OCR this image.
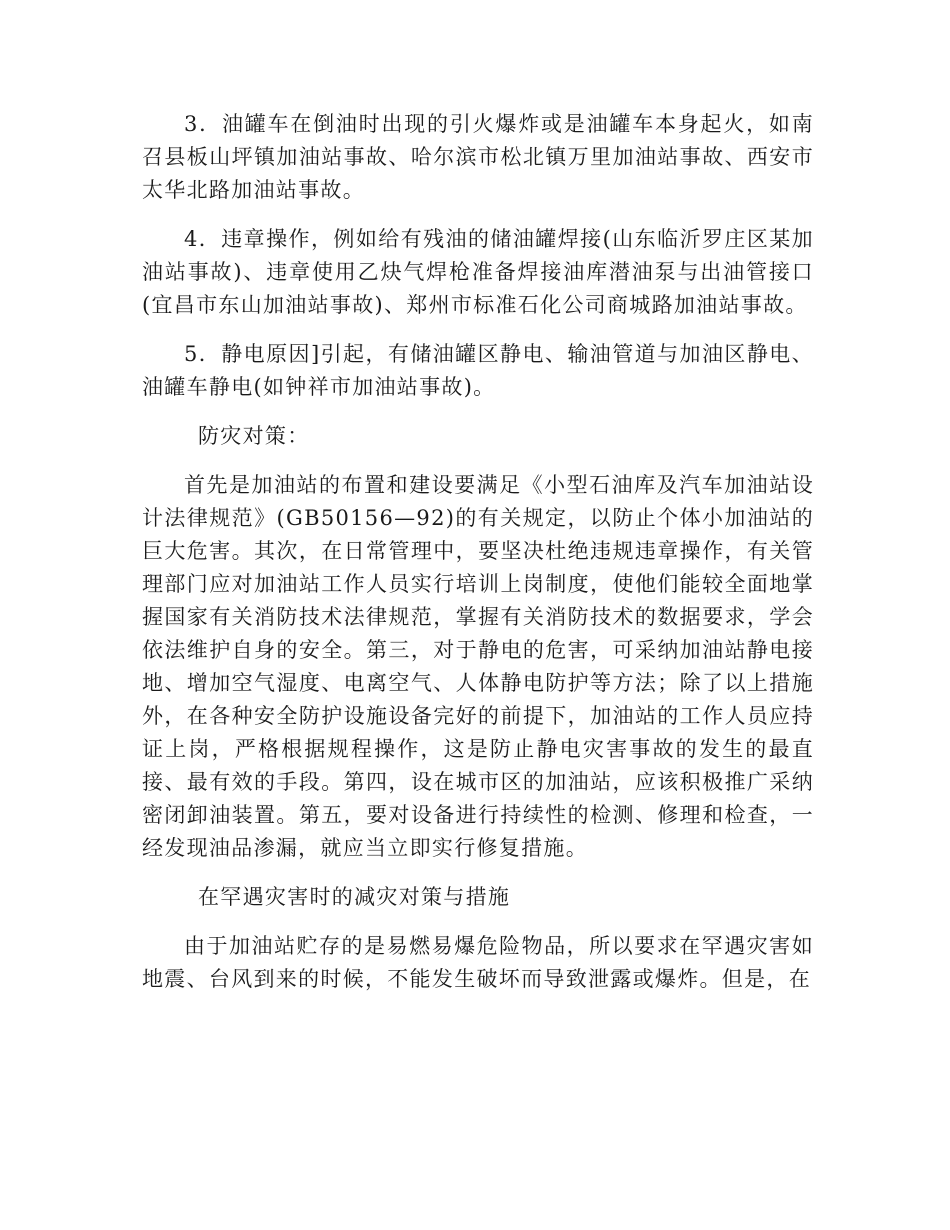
3．油罐车在倒油时出现的引火爆炸或是油罐车本身起火，如南召县板山坪镇加油站事故、哈尔滨市松北镇万里加油站事故、西安市太华北路加油站事故。

4．违章操作，例如给有残油的储油罐焊接(山东临沂罗庄区某加油站事故)、违章使用乙炔气焊枪准备焊接油库潜油泵与出油管接口(宜昌市东山加油站事故)、郑州市标准石化公司商城路加油站事故。

5．静电原因]引起，有储油罐区静电、输油管道与加油区静电、油罐车静电(如钟祥市加油站事故)。

防灾对策：

首先是加油站的布置和建设要满足《小型石油库及汽车加油站设计法律规范》(GB50156—92)的有关规定，以防止个体小加油站的巨大危害。其次，在日常管理中，要坚决杜绝违规违章操作，有关管理部门应对加油站工作人员实行培训上岗制度，使他们能较全面地掌握国家有关消防技术法律规范，掌握有关消防技术的数据要求，学会依法维护自身的安全。第三，对于静电的危害，可采纳加油站静电接地、增加空气湿度、电离空气、人体静电防护等方法；除了以上措施外，在各种安全防护设施设备完好的前提下，加油站的工作人员应持证上岗，严格根据规程操作，这是防止静电灾害事故的发生的最直接、最有效的手段。第四，设在城市区的加油站，应该积极推广采纳密闭卸油装置。第五，要对设备进行持续性的检测、修理和检查，一经发现油品渗漏，就应当立即实行修复措施。

在罕遇灾害时的减灾对策与措施

由于加油站贮存的是易燃易爆危险物品，所以要求在罕遇灾害如地震、台风到来的时候，不能发生破坏而导致泄露或爆炸。但是，在
